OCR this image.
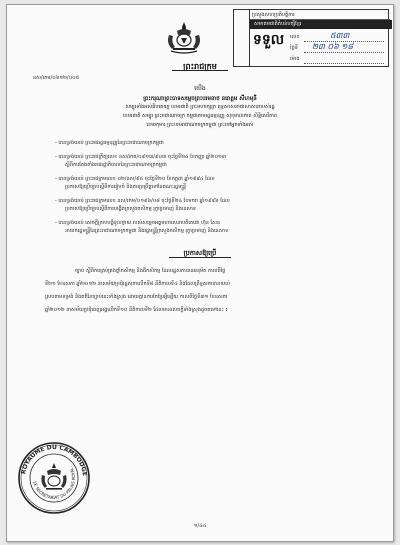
ប្រសួងសហប្រតិបត្តិការ
សមាគមជាតិតំបន់បក្សីខ្មែរ
ទទួល លេខ	៥៣៣
ថ្ងៃទី ២៣ ០៦ ១៨
ម៉ោង
ព្រះរាជក្រម
នស/រកម/០៦១២/០០៥
យើង
ព្រះករុណាព្រះបាទសម្តេចព្រះបរមនាថ នរោត្តម សីហមុនី
សម្បូរទាំងអស់ធិបតេយ្យ ខេមរជាតិ ព្រះមហាក្សត្រ ពុទ្ធសាសនាជាសាសនារបស់រដ្ឋ
ខេមរជាតិ សម្បូរ ព្រះរាជាណាចក្រ កម្ពុជាតាមរដ្ឋធម្មនុញ្ញ សុខុមាលភាព សិទ្ធិសេរីភាព
ខេមរកុមារ ព្រះបរមរាជាណាចក្រកម្ពុជា ព្រះចៅអ្នកទាំងអស់
- បានទ្រង់យល់ ព្រះរាជរដ្ឋធម្មនុញ្ញនៃព្រះរាជាណាចក្រកម្ពុជា
- បានទ្រង់យល់ ព្រះរាជក្រឹត្យលេខ នស/រកត/០៩១៣/៩០៣ ចុះថ្ងៃទី២៤ ខែកញ្ញា ឆ្នាំ២០១៣
ស្តីពីការតែងតាំងរាជរដ្ឋាភិបាលនៃព្រះរាជាណាចក្រកម្ពុជា
- បានទ្រង់យល់ ព្រះរាជក្រមលេខ ០២/នស/៩៤ ចុះថ្ងៃទី២០ ខែកក្កដា ឆ្នាំ១៩៩៤ ដែល
ប្រកាសឱ្យប្រើច្បាប់ស្តីពីការរៀបចំ និងការប្រព្រឹត្តទៅនៃគណៈរដ្ឋមន្ត្រី
- បានទ្រង់យល់ ព្រះរាជក្រមលេខ នស/រកម/០១៩៦/០៨ ចុះថ្ងៃទី២៤ ខែមករា ឆ្នាំ១៩៩៦ ដែល
ប្រកាសឱ្យប្រើច្បាប់ស្តីពីការបង្កើតក្រសួងកសិកម្ម រុក្ខាប្រមាញ់ និងនេសាទ
- បានទ្រង់យល់ សេចក្តីក្រាបបង្គំទូលថ្វាយ របស់សម្តេចអគ្គមហាសេនាបតីតេជោ ហ៊ុន សែន
នាយករដ្ឋមន្ត្រីនៃព្រះរាជាណាចក្រកម្ពុជា និងរដ្ឋមន្ត្រីក្រសួងកសិកម្ម រុក្ខាប្រមាញ់ និងនេសាទ
ប្រកាសឱ្យប្រើ
ច្បាប់ ស្តីពីការគ្រប់គ្រងថ្នាំកសិកម្ម និងជីកសិកម្ម ដែលរដ្ឋសភាបានអនុម័ត កាលពីថ្ងៃ
ទី២១ ខែឧសភា ឆ្នាំ២០១២ នាសម័យប្រជុំរដ្ឋសភាលើកទី៨ នីតិកាលទី៤ និងដែលព្រឹទ្ធសភាបានយល់
ស្របតាមទម្រង់ និងគតិនៃច្បាប់នេះទាំងស្រុង ដោយគ្មានការកែប្រែអ្វីឡើយ កាលពីថ្ងៃទី៣១ ខែឧសភា
ឆ្នាំ២០១២ នាសម័យប្រជុំពេញអង្គលើកទី១០ នីតិកាលទី២ ដែលមានសេចក្តីទាំងស្រុងដូចតទៅនេះ ៖
ROYAUME DU CAMBODGE
LE SECRÉTARIAT DU PALAIS ROYAL
១/៤៤
